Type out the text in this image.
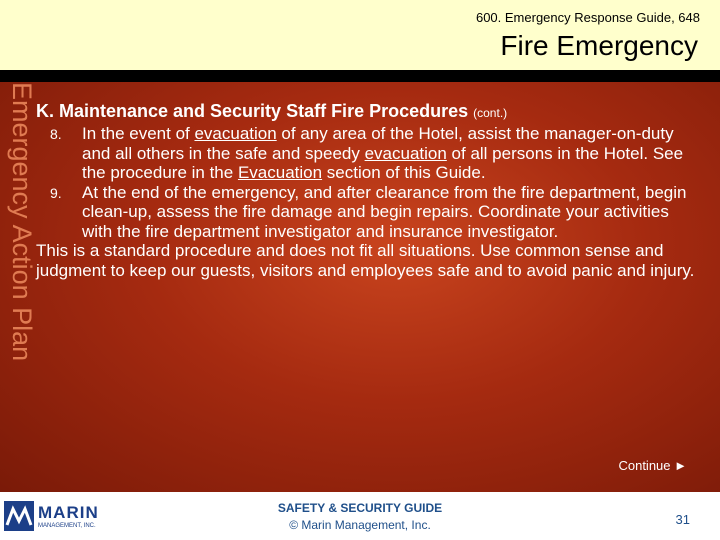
600. Emergency Response Guide, 648
Fire Emergency
Emergency Action Plan K. Maintenance and Security Staff Fire Procedures (cont.)
8. In the event of evacuation of any area of the Hotel, assist the manager-on-duty and all others in the safe and speedy evacuation of all persons in the Hotel. See the procedure in the Evacuation section of this Guide.
9. At the end of the emergency, and after clearance from the fire department, begin clean-up, assess the fire damage and begin repairs. Coordinate your activities with the fire department investigator and insurance investigator.
This is a standard procedure and does not fit all situations. Use common sense and judgment to keep our guests, visitors and employees safe and to avoid panic and injury.
Continue ►
MARIN
MANAGEMENT, INC.
SAFETY & SECURITY GUIDE
© Marin Management, Inc.	31
